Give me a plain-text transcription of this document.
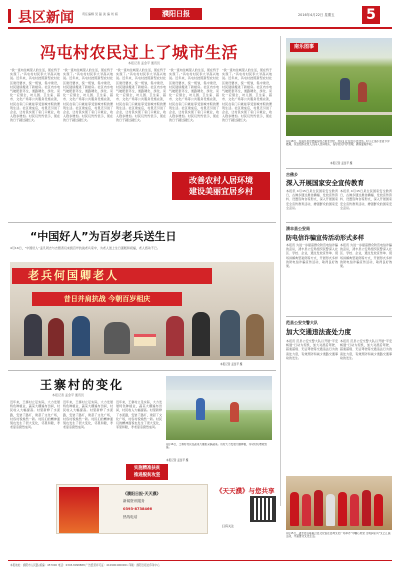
县区新闻	责任编辑 吴 磊 美 编 刘 娟	濮阳日报	2016年4月22日 星期五 5
冯屯村农民过上了城市生活
本报记者 孟金平 通讯员
“我一直向往城里人的生活，现在终于实现了。”冯屯村村民李大爷高兴地说。近年来，冯屯村按照新型农村社区建设要求，统一规划，集中建设，村民陆续搬进了新楼房。社区内水电气暖配套齐全，道路硬化、绿化、亮化一应俱全，幼儿园、卫生室、超市、文化广场等公共服务设施完善，村民在家门口就能享受到城市般的便利生活。社区建成后，村里还引进了企业，让村民实现了家门口就业，收入稳步增加。村民们纷纷表示，现在的日子越过越红火。
“我一直向往城里人的生活，现在终于实现了。”冯屯村村民李大爷高兴地说。近年来，冯屯村按照新型农村社区建设要求，统一规划，集中建设，村民陆续搬进了新楼房。社区内水电气暖配套齐全，道路硬化、绿化、亮化一应俱全，幼儿园、卫生室、超市、文化广场等公共服务设施完善，村民在家门口就能享受到城市般的便利生活。社区建成后，村里还引进了企业，让村民实现了家门口就业，收入稳步增加。村民们纷纷表示，现在的日子越过越红火。
“我一直向往城里人的生活，现在终于实现了。”冯屯村村民李大爷高兴地说。近年来，冯屯村按照新型农村社区建设要求，统一规划，集中建设，村民陆续搬进了新楼房。社区内水电气暖配套齐全，道路硬化、绿化、亮化一应俱全，幼儿园、卫生室、超市、文化广场等公共服务设施完善，村民在家门口就能享受到城市般的便利生活。社区建成后，村里还引进了企业，让村民实现了家门口就业，收入稳步增加。村民们纷纷表示，现在的日子越过越红火。
“我一直向往城里人的生活，现在终于实现了。”冯屯村村民李大爷高兴地说。近年来，冯屯村按照新型农村社区建设要求，统一规划，集中建设，村民陆续搬进了新楼房。社区内水电气暖配套齐全，道路硬化、绿化、亮化一应俱全，幼儿园、卫生室、超市、文化广场等公共服务设施完善，村民在家门口就能享受到城市般的便利生活。社区建成后，村里还引进了企业，让村民实现了家门口就业，收入稳步增加。村民们纷纷表示，现在的日子越过越红火。
“我一直向往城里人的生活，现在终于实现了。”冯屯村村民李大爷高兴地说。近年来，冯屯村按照新型农村社区建设要求，统一规划，集中建设，村民陆续搬进了新楼房。社区内水电气暖配套齐全，道路硬化、绿化、亮化一应俱全，幼儿园、卫生室、超市、文化广场等公共服务设施完善，村民在家门口就能享受到城市般的便利生活。社区建成后，村里还引进了企业，让村民实现了家门口就业，收入稳步增加。村民们纷纷表示，现在的日子越过越红火。
改善农村人居环境
建设美丽宜居乡村
南乐图事
4月18日，在南乐县近德固乡的万亩麦田中，农民们正在给小麦浇水。时下正值小麦拔节孕穗期，该县组织农技人员深入田间地头，指导农民科学管理，确保夏粮丰收。
本报记者 孟金平 摄
古佛乡
深入开展国家安全宣传教育
本报讯 4月15日是全民国家安全教育日，古佛乡通过悬挂横幅、发放宣传资料、设置咨询台等形式，深入开展国家安全宣传教育活动，增强群众的国家安全意识。
本报讯 4月15日是全民国家安全教育日，古佛乡通过悬挂横幅、发放宣传资料、设置咨询台等形式，深入开展国家安全宣传教育活动，增强群众的国家安全意识。
“中国好人”为百岁老兵送生日
4月16日，“中国好人”孟凡同志与志愿者们来到百岁抗战老兵家中，为老人送上生日蛋糕和祝福，老人感动不已。
老兵何国卿老人
昔日并肩抗战 今朝百岁相庆
本报记者 孟金平 摄
清丰县公安局
防电信诈骗宣传活动形式多样
本报讯 为进一步提高群众防范电信诈骗的意识，清丰县公安局组织民警深入社区、学校、企业，通过发放宣传单、现场讲解典型案例等方式，开展形式多样的防电信诈骗宣传活动，取得良好效果。
本报讯 为进一步提高群众防范电信诈骗的意识，清丰县公安局组织民警深入社区、学校、企业，通过发放宣传单、现场讲解典型案例等方式，开展形式多样的防电信诈骗宣传活动，取得良好效果。
范县公安交警大队
加大交通违法查处力度
本报讯 范县公安交警大队以开展“平安畅通”行动为契机，加大对酒后驾驶、超速超载、无证驾驶等交通违法行为的查处力度，有效预防和减少道路交通事故的发生。
本报讯 范县公安交警大队以开展“平安畅通”行动为契机，加大对酒后驾驶、超速超载、无证驾驶等交通违法行为的查处力度，有效预防和减少道路交通事故的发生。
王寨村的变化
本报记者 孟金平 通讯员
近年来，王寨村立足实际，大力发展特色种植业，蔬菜大棚遍布田间，村民收入大幅提高。村里新修了水泥路，安装了路灯，建起了文化广场，村容村貌焕然一新。村民们的精神面貌也发生了很大变化，邻里和睦，孝老爱亲蔚然成风。
近年来，王寨村立足实际，大力发展特色种植业，蔬菜大棚遍布田间，村民收入大幅提高。村里新修了水泥路，安装了路灯，建起了文化广场，村容村貌焕然一新。村民们的精神面貌也发生了很大变化，邻里和睦，孝老爱亲蔚然成风。
近年来，王寨村立足实际，大力发展特色种植业，蔬菜大棚遍布田间，村民收入大幅提高。村里新修了水泥路，安装了路灯，建起了文化广场，村容村貌焕然一新。村民们的精神面貌也发生了很大变化，邻里和睦，孝老爱亲蔚然成风。
4月16日，王寨村村民在蔬菜大棚里采摘蔬菜。该村大力发展大棚种植，带动村民增收致富。
本报记者 孟金平 摄
实施精准扶贫
推进脱贫攻坚
《濮阳日报·天天濮》
新闻资讯服务
0393-8738466
热线电话
《天天濮》与您共享
扫码关注
4月15日，清丰县妇联联合县文化馆在县城文化广场举办“巾帼心向党 文明润家风”文艺汇演活动，丰富群众文化生活。
本报地址：濮阳市人民路 邮编：457000 电话：0393-8998888 广告经营许可证：4109004000001 印刷：濮阳日报社印务中心
